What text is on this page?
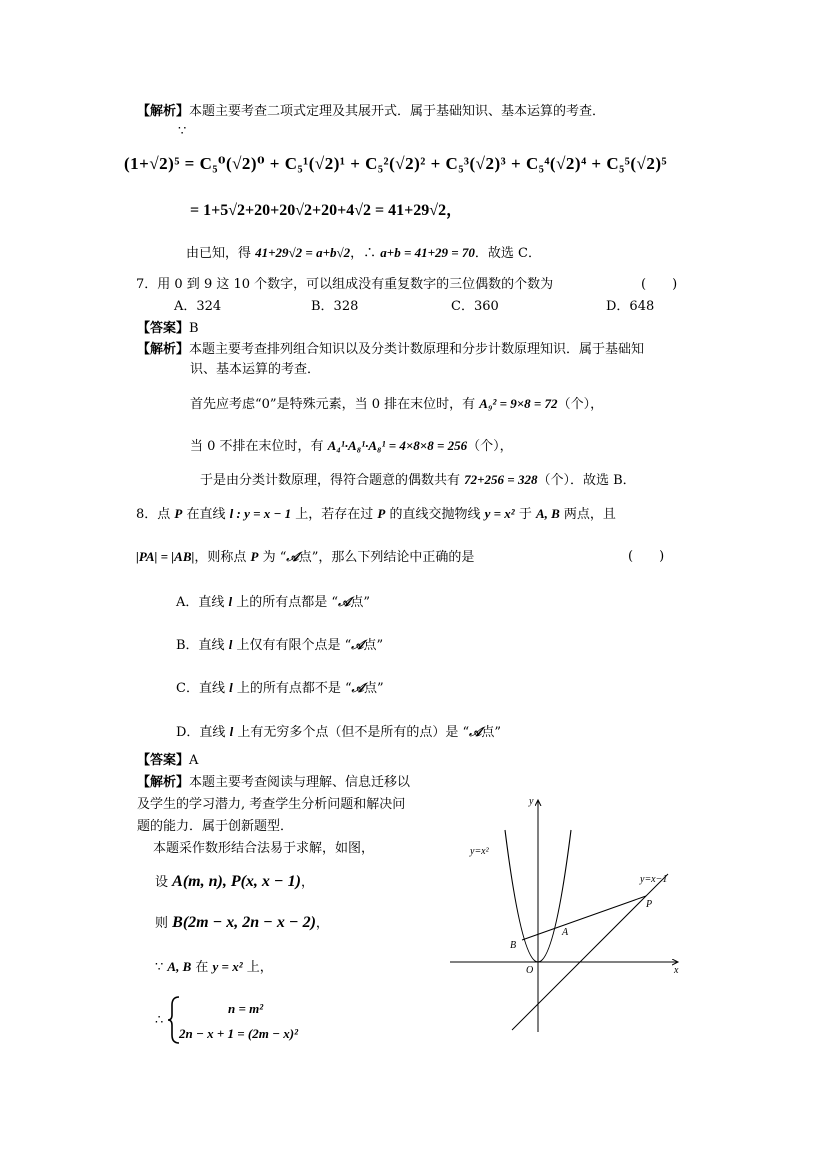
【解析】本题主要考查二项式定理及其展开式．属于基础知识、基本运算的考查．
∵
(1+√2)⁵ = C₅⁰(√2)⁰ + C₅¹(√2)¹ + C₅²(√2)² + C₅³(√2)³ + C₅⁴(√2)⁴ + C₅⁵(√2)⁵
= 1+5√2+20+20√2+20+4√2 = 41+29√2，
由已知，得 41+29√2 = a+b√2，∴ a+b = 41+29 = 70．故选 C．
7．用 0 到 9 这 10 个数字，可以组成没有重复数字的三位偶数的个数为	(　　)
A．324	B．328	C．360	D．648
【答案】B
【解析】本题主要考查排列组合知识以及分类计数原理和分步计数原理知识．属于基础知
识、基本运算的考查．
首先应考虑“0”是特殊元素，当 0 排在末位时，有 A₉² = 9×8 = 72（个），
当 0 不排在末位时，有 A₄¹·A₈¹·A₈¹ = 4×8×8 = 256（个），
于是由分类计数原理，得符合题意的偶数共有 72+256 = 328（个）．故选 B．
8．点 P 在直线 l : y = x − 1 上，若存在过 P 的直线交抛物线 y = x² 于 A, B 两点，且
|PA| = |AB|，则称点 P 为 “𝒜点”，那么下列结论中正确的是	(　　)
A．直线 l 上的所有点都是 “𝒜点”
B．直线 l 上仅有有限个点是 “𝒜点”
C．直线 l 上的所有点都不是 “𝒜点”
D．直线 l 上有无穷多个点（但不是所有的点）是 “𝒜点”
【答案】A
【解析】本题主要考查阅读与理解、信息迁移以
及学生的学习潜力, 考查学生分析问题和解决问
题的能力．属于创新题型．
本题采作数形结合法易于求解，如图，
设 A(m, n), P(x, x − 1)，
则 B(2m − x, 2n − x − 2)，
∵ A, B 在 y = x² 上，
∴
n = m²
2n − x + 1 = (2m − x)²
y
x
O
y=x²
y=x−1
P
A
B
